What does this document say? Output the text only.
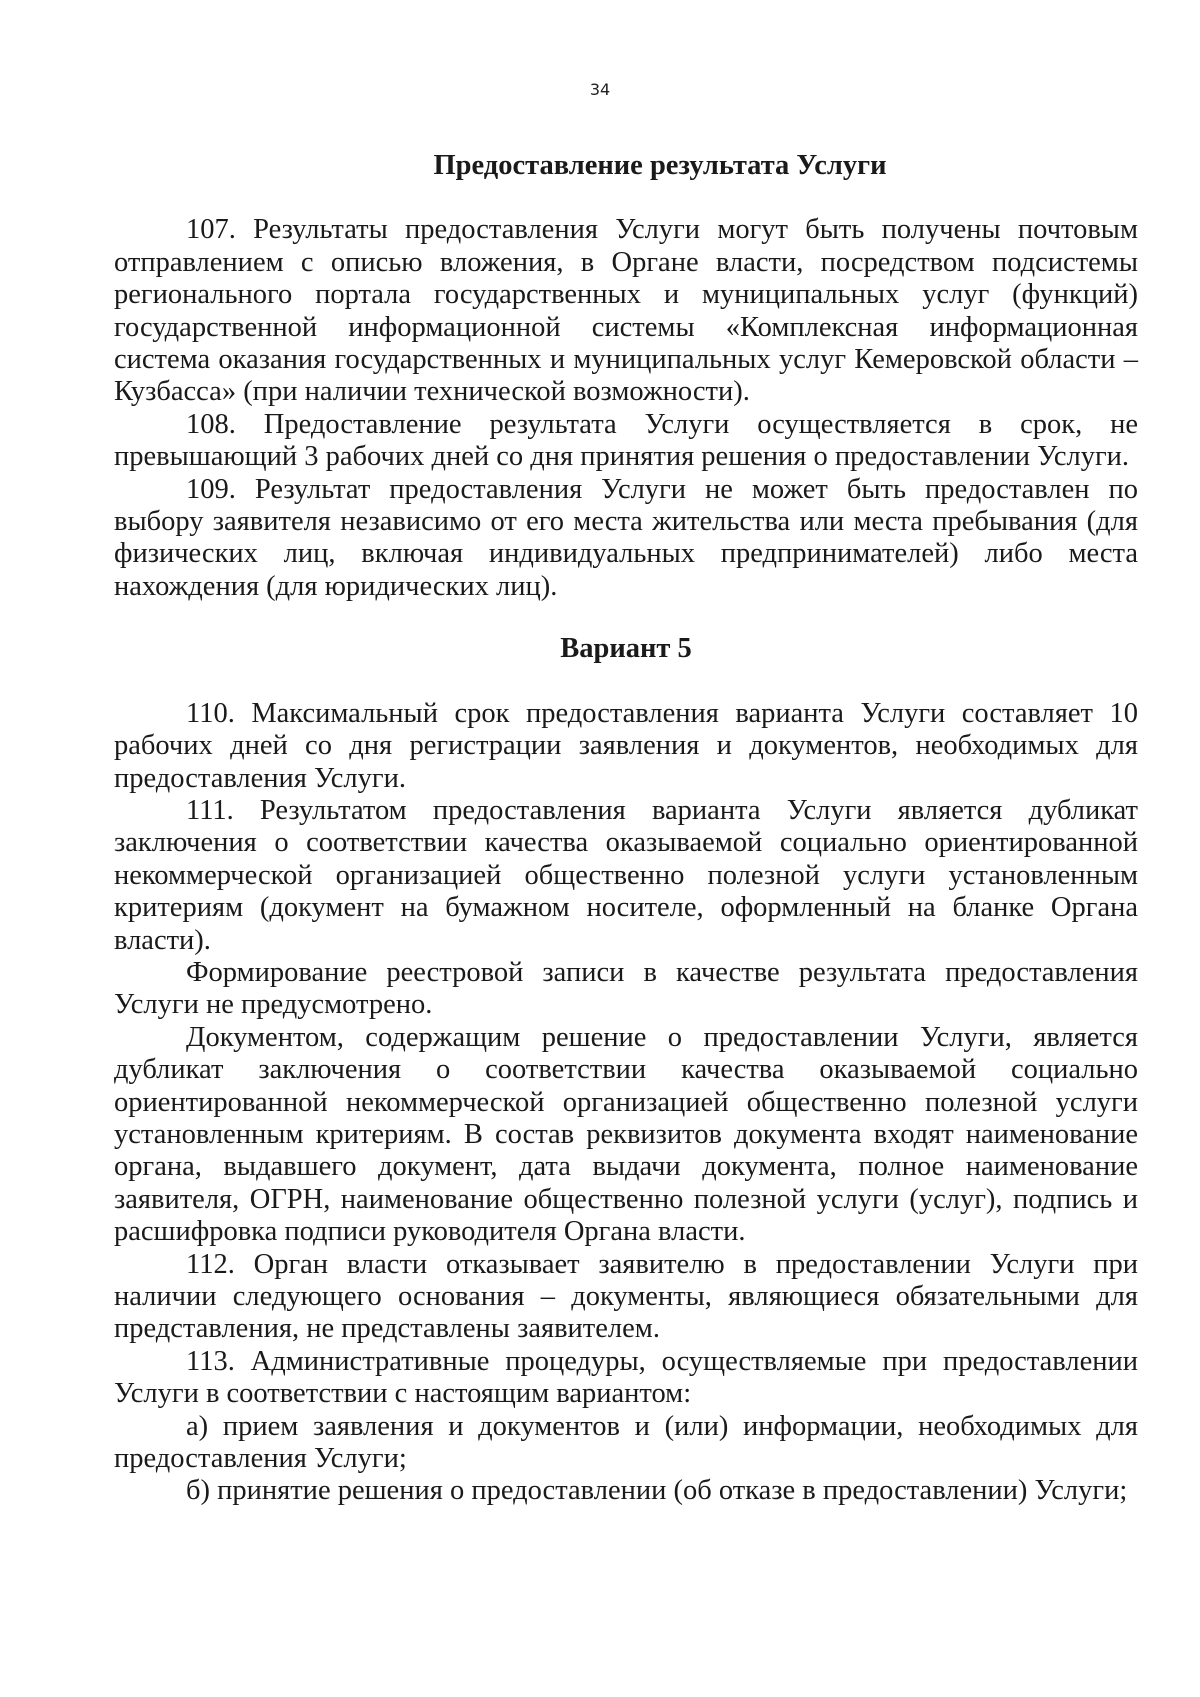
34
Предоставление результата Услуги

107. Результаты предоставления Услуги могут быть получены почтовым отправлением с описью вложения, в Органе власти, посредством подсистемы регионального портала государственных и муниципальных услуг (функций) государственной информационной системы «Комплексная информационная система оказания государственных и муниципальных услуг Кемеровской области – Кузбасса» (при наличии технической возможности).

108. Предоставление результата Услуги осуществляется в срок, не превышающий 3 рабочих дней со дня принятия решения о предоставлении Услуги.

109. Результат предоставления Услуги не может быть предоставлен по выбору заявителя независимо от его места жительства или места пребывания (для физических лиц, включая индивидуальных предпринимателей) либо места нахождения (для юридических лиц).

Вариант 5

110. Максимальный срок предоставления варианта Услуги составляет 10 рабочих дней со дня регистрации заявления и документов, необходимых для предоставления Услуги.

111. Результатом предоставления варианта Услуги является дубликат заключения о соответствии качества оказываемой социально ориентированной некоммерческой организацией общественно полезной услуги установленным критериям (документ на бумажном носителе, оформленный на бланке Органа власти).

Формирование реестровой записи в качестве результата предоставления Услуги не предусмотрено.

Документом, содержащим решение о предоставлении Услуги, является дубликат заключения о соответствии качества оказываемой социально ориентированной некоммерческой организацией общественно полезной услуги установленным критериям. В состав реквизитов документа входят наименование органа, выдавшего документ, дата выдачи документа, полное наименование заявителя, ОГРН, наименование общественно полезной услуги (услуг), подпись и расшифровка подписи руководителя Органа власти.

112. Орган власти отказывает заявителю в предоставлении Услуги при наличии следующего основания – документы, являющиеся обязательными для представления, не представлены заявителем.

113. Административные процедуры, осуществляемые при предоставлении Услуги в соответствии с настоящим вариантом:

а) прием заявления и документов и (или) информации, необходимых для предоставления Услуги;

б) принятие решения о предоставлении (об отказе в предоставлении) Услуги;
